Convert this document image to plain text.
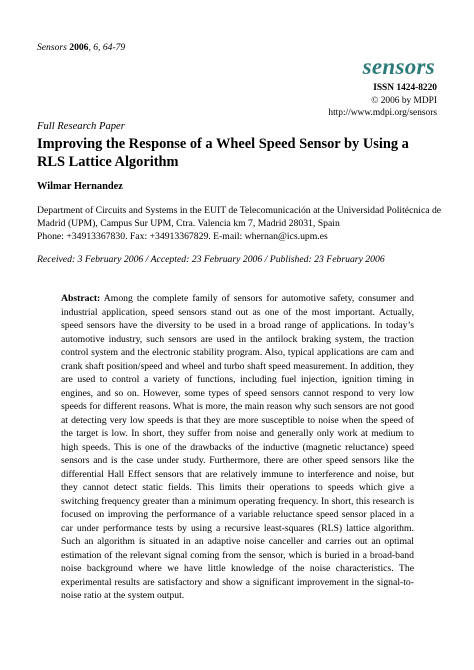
Sensors 2006, 6, 64-79
sensors
ISSN 1424-8220
© 2006 by MDPI
http://www.mdpi.org/sensors
Full Research Paper
Improving the Response of a Wheel Speed Sensor by Using a RLS Lattice Algorithm
Wilmar Hernandez
Department of Circuits and Systems in the EUIT de Telecomunicación at the Universidad Politécnica de Madrid (UPM), Campus Sur UPM, Ctra. Valencia km 7, Madrid 28031, Spain
Phone: +34913367830. Fax: +34913367829. E-mail: whernan@ics.upm.es
Received: 3 February 2006 / Accepted: 23 February 2006 / Published: 23 February 2006
Abstract: Among the complete family of sensors for automotive safety, consumer and industrial application, speed sensors stand out as one of the most important. Actually, speed sensors have the diversity to be used in a broad range of applications. In today’s automotive industry, such sensors are used in the antilock braking system, the traction control system and the electronic stability program. Also, typical applications are cam and crank shaft position/speed and wheel and turbo shaft speed measurement. In addition, they are used to control a variety of functions, including fuel injection, ignition timing in engines, and so on. However, some types of speed sensors cannot respond to very low speeds for different reasons. What is more, the main reason why such sensors are not good at detecting very low speeds is that they are more susceptible to noise when the speed of the target is low. In short, they suffer from noise and generally only work at medium to high speeds. This is one of the drawbacks of the inductive (magnetic reluctance) speed sensors and is the case under study. Furthermore, there are other speed sensors like the differential Hall Effect sensors that are relatively immune to interference and noise, but they cannot detect static fields. This limits their operations to speeds which give a switching frequency greater than a minimum operating frequency. In short, this research is focused on improving the performance of a variable reluctance speed sensor placed in a car under performance tests by using a recursive least-squares (RLS) lattice algorithm. Such an algorithm is situated in an adaptive noise canceller and carries out an optimal estimation of the relevant signal coming from the sensor, which is buried in a broad-band noise background where we have little knowledge of the noise characteristics. The experimental results are satisfactory and show a significant improvement in the signal-to-noise ratio at the system output.
